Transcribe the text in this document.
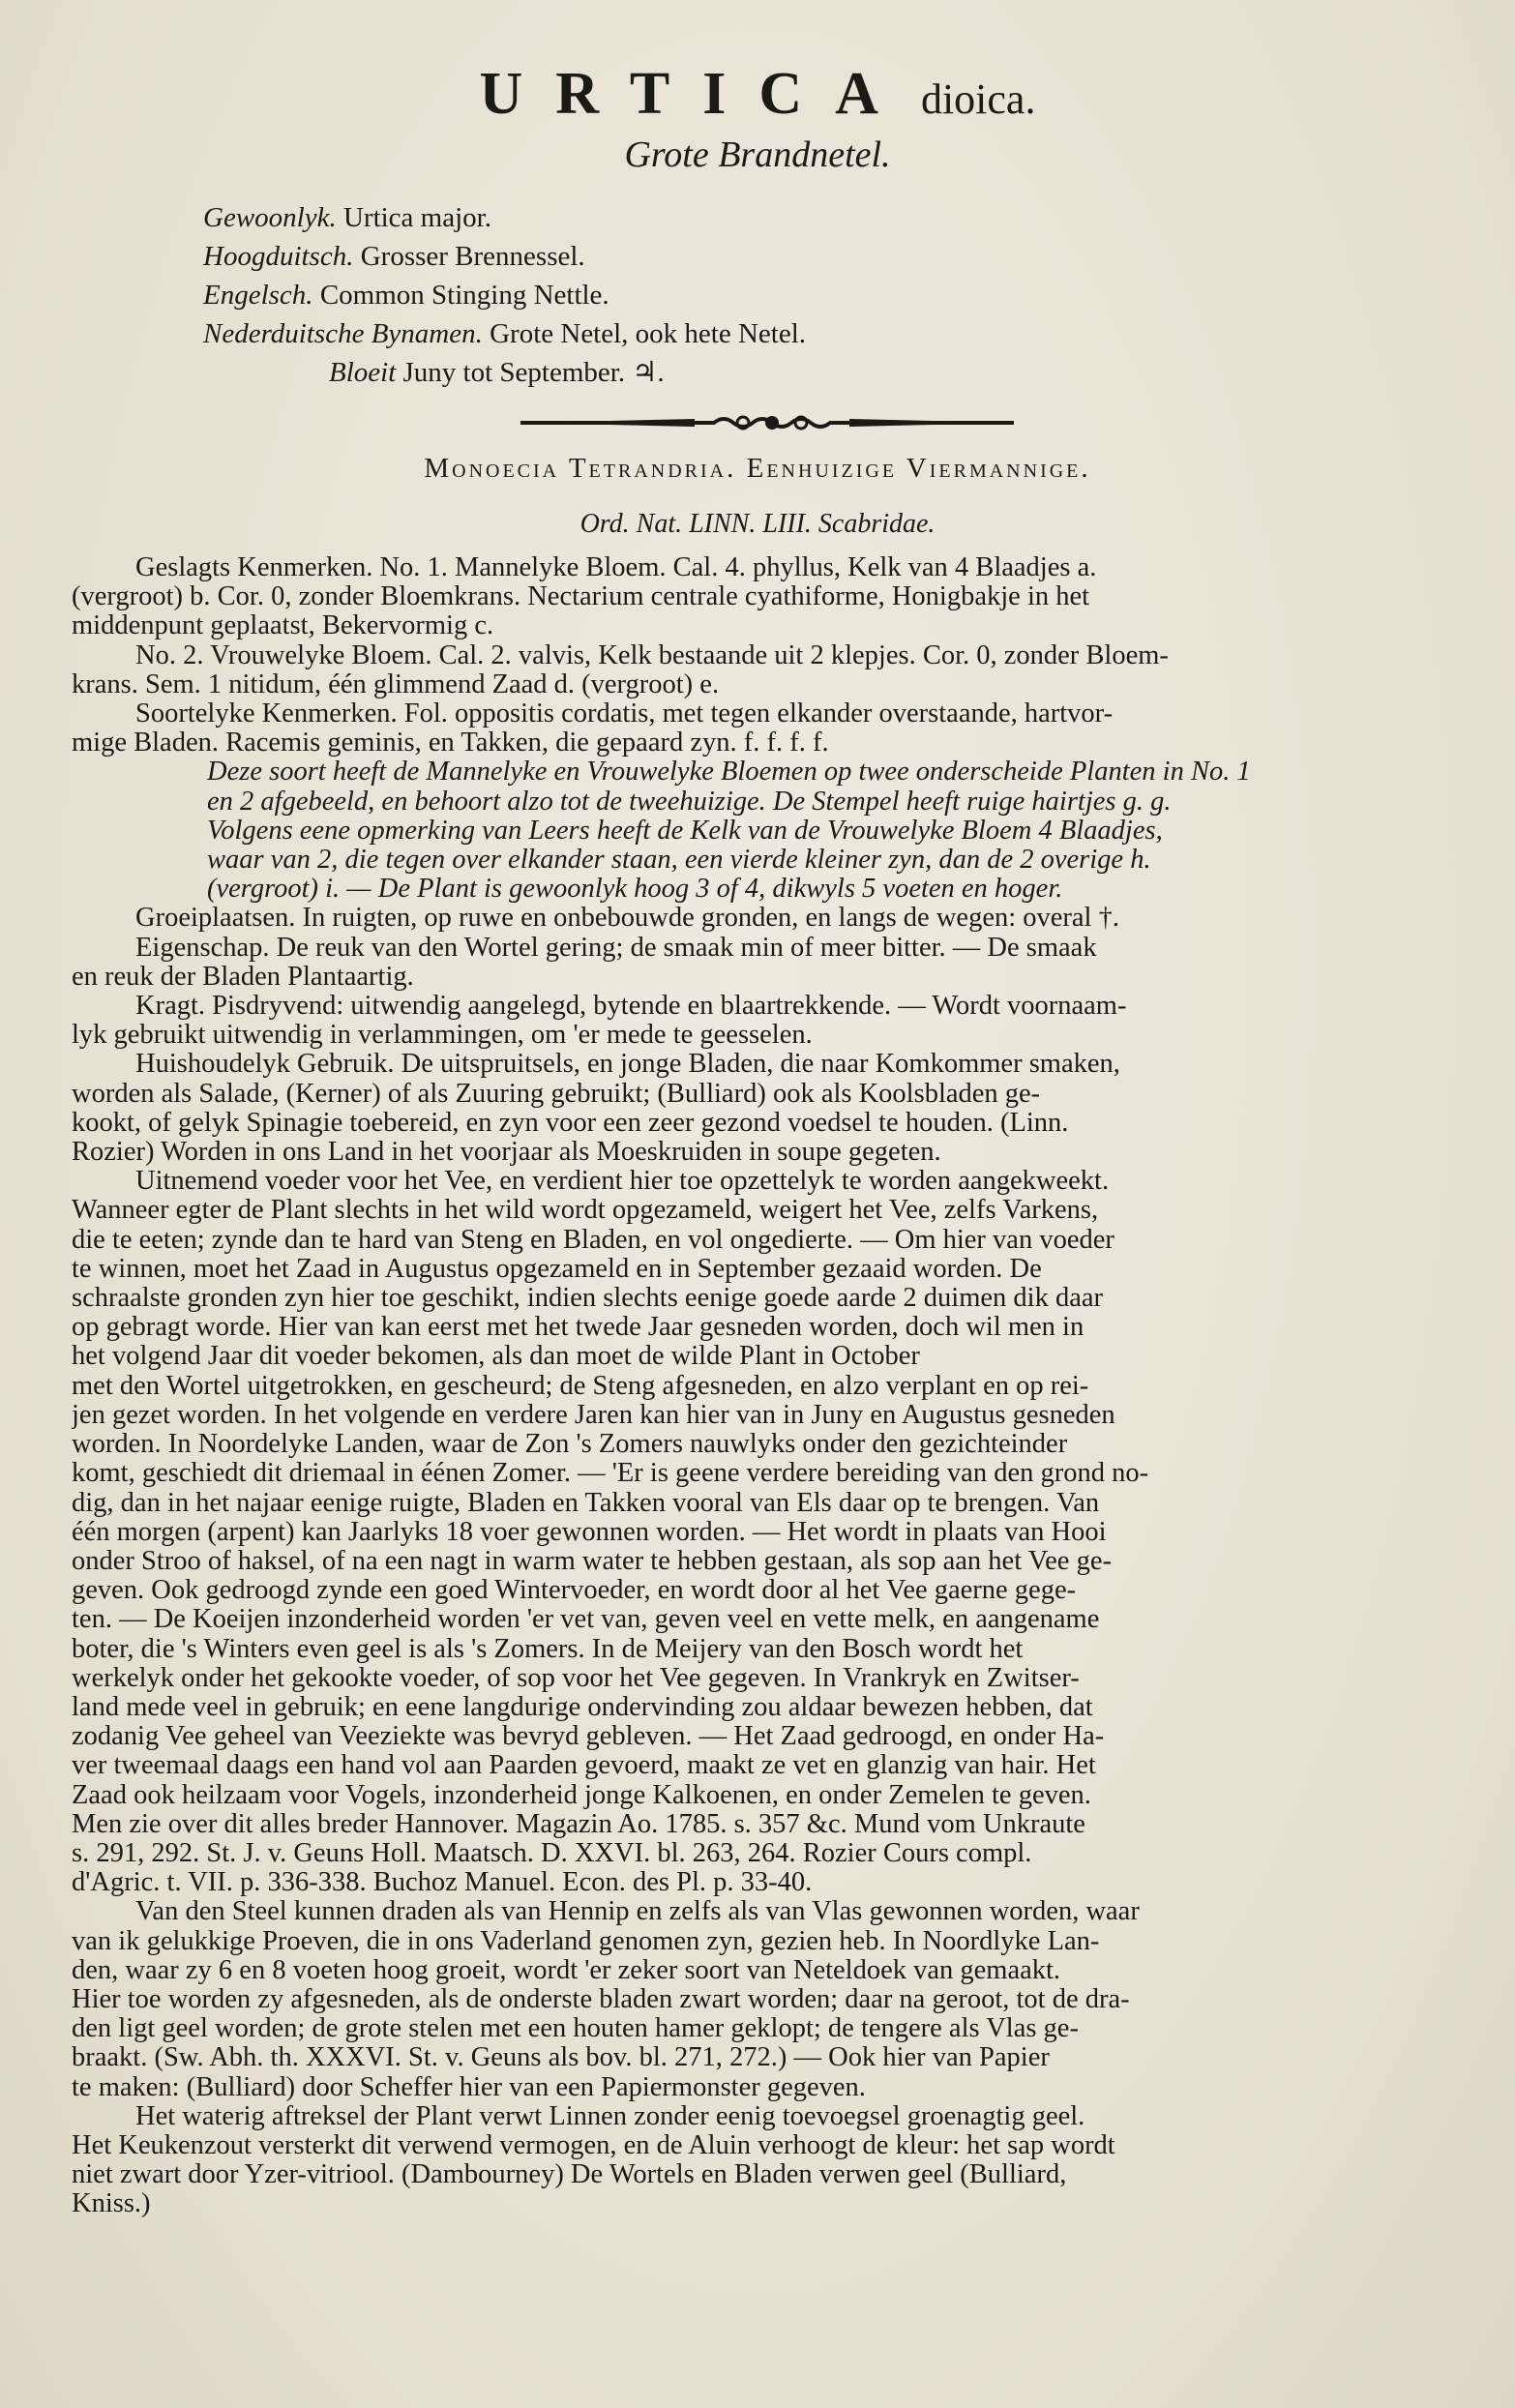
URTICA dioica.
Grote Brandnetel.
Gewoonlyk. Urtica major.
Hoogduitsch. Grosser Brennessel.
Engelsch. Common Stinging Nettle.
Nederduitsche Bynamen. Grote Netel, ook hete Netel.
Bloeit Juny tot September. ♃.
Monoecia Tetrandria. Eenhuizige Viermannige.
Ord. Nat. LINN. LIII. Scabridae.
Geslagts Kenmerken. No. 1. Mannelyke Bloem. Cal. 4. phyllus, Kelk van 4 Blaadjes a.
(vergroot) b. Cor. 0, zonder Bloemkrans. Nectarium centrale cyathiforme, Honigbakje in het
middenpunt geplaatst, Bekervormig c.
No. 2. Vrouwelyke Bloem. Cal. 2. valvis, Kelk bestaande uit 2 klepjes. Cor. 0, zonder Bloem-
krans. Sem. 1 nitidum, één glimmend Zaad d. (vergroot) e.
Soortelyke Kenmerken. Fol. oppositis cordatis, met tegen elkander overstaande, hartvor-
mige Bladen. Racemis geminis, en Takken, die gepaard zyn. f. f. f. f.
Deze soort heeft de Mannelyke en Vrouwelyke Bloemen op twee onderscheide Planten in No. 1
en 2 afgebeeld, en behoort alzo tot de tweehuizige. De Stempel heeft ruige hairtjes g. g.
Volgens eene opmerking van Leers heeft de Kelk van de Vrouwelyke Bloem 4 Blaadjes,
waar van 2, die tegen over elkander staan, een vierde kleiner zyn, dan de 2 overige h.
(vergroot) i. — De Plant is gewoonlyk hoog 3 of 4, dikwyls 5 voeten en hoger.
Groeiplaatsen. In ruigten, op ruwe en onbebouwde gronden, en langs de wegen: overal †.
Eigenschap. De reuk van den Wortel gering; de smaak min of meer bitter. — De smaak
en reuk der Bladen Plantaartig.
Kragt. Pisdryvend: uitwendig aangelegd, bytende en blaartrekkende. — Wordt voornaam-
lyk gebruikt uitwendig in verlammingen, om 'er mede te geesselen.
Huishoudelyk Gebruik. De uitspruitsels, en jonge Bladen, die naar Komkommer smaken,
worden als Salade, (Kerner) of als Zuuring gebruikt; (Bulliard) ook als Koolsbladen ge-
kookt, of gelyk Spinagie toebereid, en zyn voor een zeer gezond voedsel te houden. (Linn.
Rozier) Worden in ons Land in het voorjaar als Moeskruiden in soupe gegeten.
Uitnemend voeder voor het Vee, en verdient hier toe opzettelyk te worden aangekweekt.
Wanneer egter de Plant slechts in het wild wordt opgezameld, weigert het Vee, zelfs Varkens,
die te eeten; zynde dan te hard van Steng en Bladen, en vol ongedierte. — Om hier van voeder
te winnen, moet het Zaad in Augustus opgezameld en in September gezaaid worden. De
schraalste gronden zyn hier toe geschikt, indien slechts eenige goede aarde 2 duimen dik daar
op gebragt worde. Hier van kan eerst met het twede Jaar gesneden worden, doch wil men in
het volgend Jaar dit voeder bekomen, als dan moet de wilde Plant in October
met den Wortel uitgetrokken, en gescheurd; de Steng afgesneden, en alzo verplant en op rei-
jen gezet worden. In het volgende en verdere Jaren kan hier van in Juny en Augustus gesneden
worden. In Noordelyke Landen, waar de Zon 's Zomers nauwlyks onder den gezichteinder
komt, geschiedt dit driemaal in éénen Zomer. — 'Er is geene verdere bereiding van den grond no-
dig, dan in het najaar eenige ruigte, Bladen en Takken vooral van Els daar op te brengen. Van
één morgen (arpent) kan Jaarlyks 18 voer gewonnen worden. — Het wordt in plaats van Hooi
onder Stroo of haksel, of na een nagt in warm water te hebben gestaan, als sop aan het Vee ge-
geven. Ook gedroogd zynde een goed Wintervoeder, en wordt door al het Vee gaerne gege-
ten. — De Koeijen inzonderheid worden 'er vet van, geven veel en vette melk, en aangename
boter, die 's Winters even geel is als 's Zomers. In de Meijery van den Bosch wordt het
werkelyk onder het gekookte voeder, of sop voor het Vee gegeven. In Vrankryk en Zwitser-
land mede veel in gebruik; en eene langdurige ondervinding zou aldaar bewezen hebben, dat
zodanig Vee geheel van Veeziekte was bevryd gebleven. — Het Zaad gedroogd, en onder Ha-
ver tweemaal daags een hand vol aan Paarden gevoerd, maakt ze vet en glanzig van hair. Het
Zaad ook heilzaam voor Vogels, inzonderheid jonge Kalkoenen, en onder Zemelen te geven.
Men zie over dit alles breder Hannover. Magazin Ao. 1785. s. 357 &c. Mund vom Unkraute
s. 291, 292. St. J. v. Geuns Holl. Maatsch. D. XXVI. bl. 263, 264. Rozier Cours compl.
d'Agric. t. VII. p. 336-338. Buchoz Manuel. Econ. des Pl. p. 33-40.
Van den Steel kunnen draden als van Hennip en zelfs als van Vlas gewonnen worden, waar
van ik gelukkige Proeven, die in ons Vaderland genomen zyn, gezien heb. In Noordlyke Lan-
den, waar zy 6 en 8 voeten hoog groeit, wordt 'er zeker soort van Neteldoek van gemaakt.
Hier toe worden zy afgesneden, als de onderste bladen zwart worden; daar na geroot, tot de dra-
den ligt geel worden; de grote stelen met een houten hamer geklopt; de tengere als Vlas ge-
braakt. (Sw. Abh. th. XXXVI. St. v. Geuns als bov. bl. 271, 272.) — Ook hier van Papier
te maken: (Bulliard) door Scheffer hier van een Papiermonster gegeven.
Het waterig aftreksel der Plant verwt Linnen zonder eenig toevoegsel groenagtig geel.
Het Keukenzout versterkt dit verwend vermogen, en de Aluin verhoogt de kleur: het sap wordt
niet zwart door Yzer-vitriool. (Dambourney) De Wortels en Bladen verwen geel (Bulliard,
Kniss.)
